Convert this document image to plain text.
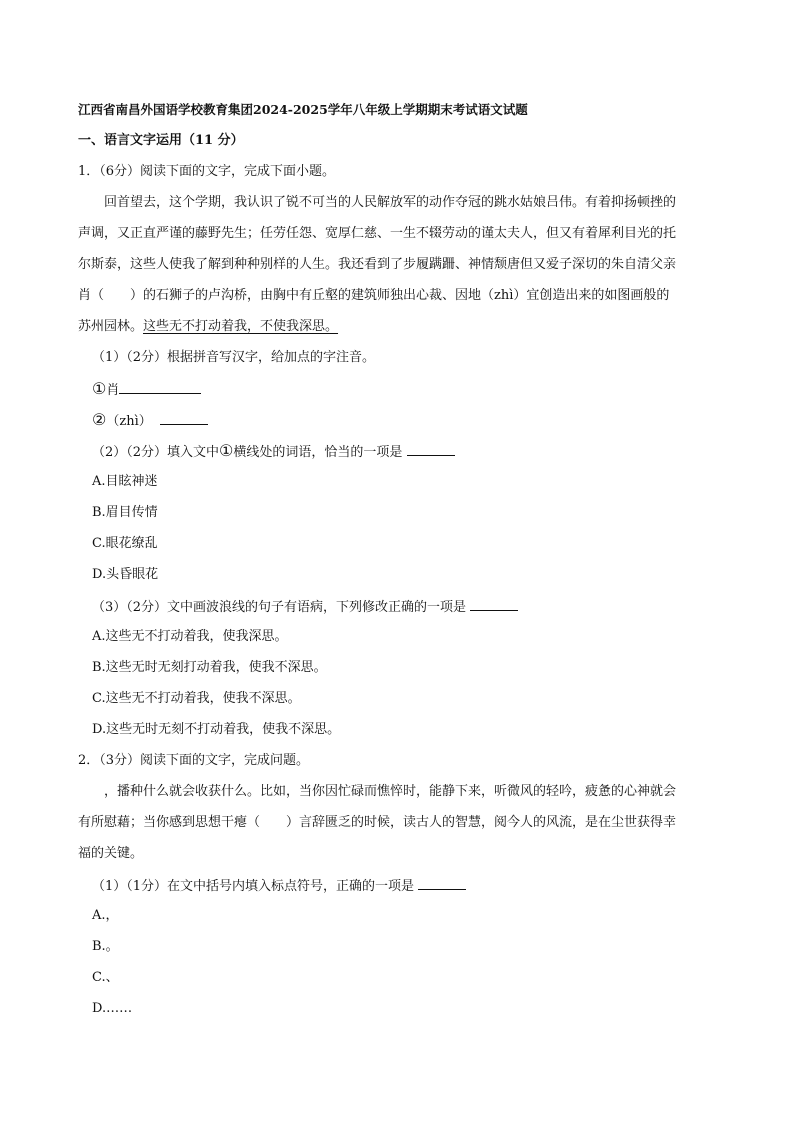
江西省南昌外国语学校教育集团2024-2025学年八年级上学期期末考试语文试题
一、语言文字运用（11 分）
1．（6分）阅读下面的文字，完成下面小题。
回首望去，这个学期，我认识了锐不可当的人民解放军的动作夺冠的跳水姑娘吕伟。有着抑扬顿挫的
声调，又正直严谨的藤野先生；任劳任怨、宽厚仁慈、一生不辍劳动的谨太夫人，但又有着犀利目光的托
尔斯泰，这些人使我了解到种种别样的人生。我还看到了步履蹒跚、神情颓唐但又爱子深切的朱自清父亲
肖（　　）的石狮子的卢沟桥，由胸中有丘壑的建筑师独出心裁、因地（zhì）宜创造出来的如图画般的
苏州园林。这些无不打动着我，不使我深思。
（1）（2分）根据拼音写汉字，给加点的字注音。
①肖
②（zhì）
（2）（2分）填入文中①横线处的词语，恰当的一项是
A.目眩神迷
B.眉目传情
C.眼花缭乱
D.头昏眼花
（3）（2分）文中画波浪线的句子有语病，下列修改正确的一项是
A.这些无不打动着我，使我深思。
B.这些无时无刻打动着我，使我不深思。
C.这些无不打动着我，使我不深思。
D.这些无时无刻不打动着我，使我不深思。
2．（3分）阅读下面的文字，完成问题。
，播种什么就会收获什么。比如，当你因忙碌而憔悴时，能静下来，听微风的轻吟，疲惫的心神就会
有所慰藉；当你感到思想干瘪（　　）言辞匮乏的时候，读古人的智慧，阅今人的风流，是在尘世获得幸
福的关键。
（1）（1分）在文中括号内填入标点符号，正确的一项是
A.，
B.。
C.、
D.……
